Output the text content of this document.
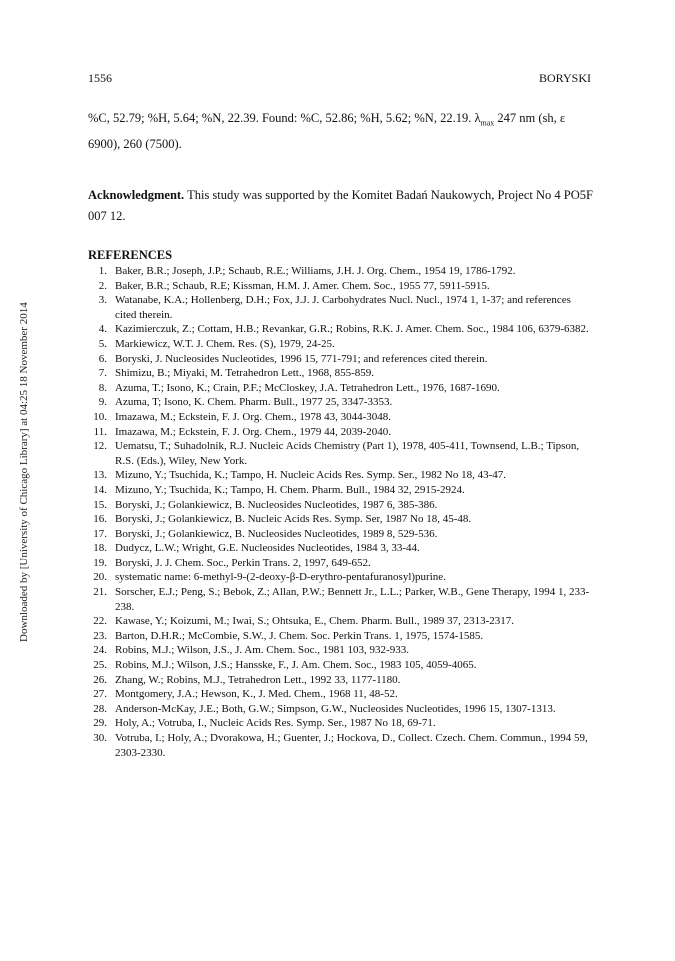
1556	BORYSKI
Downloaded by [University of Chicago Library] at 04:25 18 November 2014

%C, 52.79; %H, 5.64; %N, 22.39. Found: %C, 52.86; %H, 5.62; %N, 22.19. $\lambda_{max}$ 247 nm (sh, ε 6900), 260 (7500).

Acknowledgment. This study was supported by the Komitet Badań Naukowych, Project No 4 PO5F 007 12.

REFERENCES
1. Baker, B.R.; Joseph, J.P.; Schaub, R.E.; Williams, J.H. J. Org. Chem., 1954 19, 1786-1792.
2. Baker, B.R.; Schaub, R.E; Kissman, H.M. J. Amer. Chem. Soc., 1955 77, 5911-5915.
3. Watanabe, K.A.; Hollenberg, D.H.; Fox, J.J. J. Carbohydrates Nucl. Nucl., 1974 1, 1-37; and references cited therein.
4. Kazimierczuk, Z.; Cottam, H.B.; Revankar, G.R.; Robins, R.K. J. Amer. Chem. Soc., 1984 106, 6379-6382.
5. Markiewicz, W.T. J. Chem. Res. (S), 1979, 24-25.
6. Boryski, J. Nucleosides Nucleotides, 1996 15, 771-791; and references cited therein.
7. Shimizu, B.; Miyaki, M. Tetrahedron Lett., 1968, 855-859.
8. Azuma, T.; Isono, K.; Crain, P.F.; McCloskey, J.A. Tetrahedron Lett., 1976, 1687-1690.
9. Azuma, T; Isono, K. Chem. Pharm. Bull., 1977 25, 3347-3353.
10. Imazawa, M.; Eckstein, F. J. Org. Chem., 1978 43, 3044-3048.
11. Imazawa, M.; Eckstein, F. J. Org. Chem., 1979 44, 2039-2040.
12. Uematsu, T.; Suhadolnik, R.J. Nucleic Acids Chemistry (Part 1), 1978, 405-411, Townsend, L.B.; Tipson, R.S. (Eds.), Wiley, New York.
13. Mizuno, Y.; Tsuchida, K.; Tampo, H. Nucleic Acids Res. Symp. Ser., 1982 No 18, 43-47.
14. Mizuno, Y.; Tsuchida, K.; Tampo, H. Chem. Pharm. Bull., 1984 32, 2915-2924.
15. Boryski, J.; Golankiewicz, B. Nucleosides Nucleotides, 1987 6, 385-386.
16. Boryski, J.; Golankiewicz, B. Nucleic Acids Res. Symp. Ser, 1987 No 18, 45-48.
17. Boryski, J.; Golankiewicz, B. Nucleosides Nucleotides, 1989 8, 529-536.
18. Dudycz, L.W.; Wright, G.E. Nucleosides Nucleotides, 1984 3, 33-44.
19. Boryski, J. J. Chem. Soc., Perkin Trans. 2, 1997, 649-652.
20. systematic name: 6-methyl-9-(2-deoxy-β-D-erythro-pentafuranosyl)purine.
21. Sorscher, E.J.; Peng, S.; Bebok, Z.; Allan, P.W.; Bennett Jr., L.L.; Parker, W.B., Gene Therapy, 1994 1, 233-238.
22. Kawase, Y.; Koizumi, M.; Iwai, S.; Ohtsuka, E., Chem. Pharm. Bull., 1989 37, 2313-2317.
23. Barton, D.H.R.; McCombie, S.W., J. Chem. Soc. Perkin Trans. 1, 1975, 1574-1585.
24. Robins, M.J.; Wilson, J.S., J. Am. Chem. Soc., 1981 103, 932-933.
25. Robins, M.J.; Wilson, J.S.; Hansske, F., J. Am. Chem. Soc., 1983 105, 4059-4065.
26. Zhang, W.; Robins, M.J., Tetrahedron Lett., 1992 33, 1177-1180.
27. Montgomery, J.A.; Hewson, K., J. Med. Chem., 1968 11, 48-52.
28. Anderson-McKay, J.E.; Both, G.W.; Simpson, G.W., Nucleosides Nucleotides, 1996 15, 1307-1313.
29. Holy, A.; Votruba, I., Nucleic Acids Res. Symp. Ser., 1987 No 18, 69-71.
30. Votruba, I.; Holy, A.; Dvorakowa, H.; Guenter, J.; Hockova, D., Collect. Czech. Chem. Commun., 1994 59, 2303-2330.
